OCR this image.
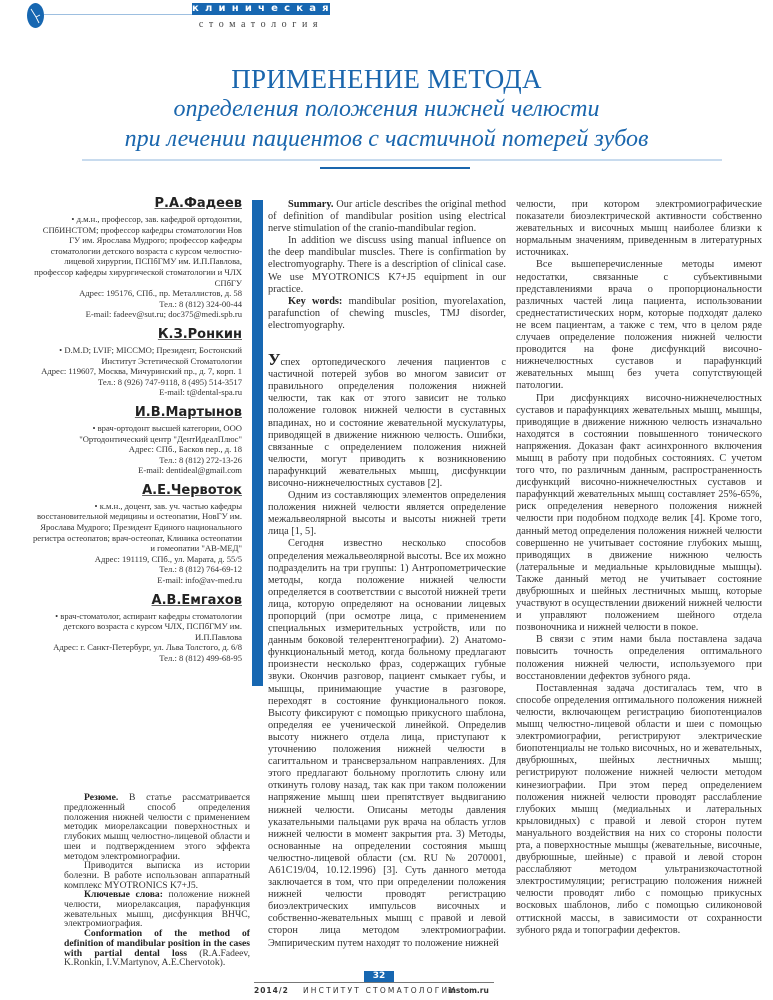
клиническая
стоматология
ПРИМЕНЕНИЕ МЕТОДА
определения положения нижней челюсти
при лечении пациентов с частичной потерей зубов
Р.А.Фадеев
• д.м.н., профессор, зав. кафедрой ортодонтии, СПбИНСТОМ; профессор кафедры стоматологии Нов ГУ им. Ярослава Мудрого; профессор кафедры стоматологии детского возраста с курсом челюстно-лицевой хирургии, ПСПбГМУ им. И.П.Павлова, профессор кафедры хирургической стоматологии и ЧЛХ СПбГУ
Адрес: 195176, СПб., пр. Металлистов, д. 58
Тел.: 8 (812) 324-00-44
E-mail: fadeev@sut.ru; doc375@medi.spb.ru
К.З.Ронкин
• D.M.D; LVIF; MICCMO; Президент, Бостонский Институт Эстетической Стоматологии
Адрес: 119607, Москва, Мичуринский пр., д. 7, корп. 1
Тел.: 8 (926) 747-9118, 8 (495) 514-3517
E-mail: t@dental-spa.ru
И.В.Мартынов
• врач-ортодонт высшей категории, ООО "Ортодонтический центр "ДентИдеалПлюс"
Адрес: СПб., Басков пер., д. 18
Тел.: 8 (812) 272-13-26
E-mail: dentideal@gmail.com
А.Е.Червоток
• к.м.н., доцент, зав. уч. частью кафедры восстановительной медицины и остеопатии, НовГУ им. Ярослава Мудрого; Президент Единого национального регистра остеопатов; врач-остеопат, Клиника остеопатии и гомеопатии "АВ-МЕД"
Адрес: 191119, СПб., ул. Марата, д. 55/5
Тел.: 8 (812) 764-69-12
E-mail: info@av-med.ru
А.В.Емгахов
• врач-стоматолог, аспирант кафедры стоматологии детского возраста с курсом ЧЛХ, ПСПбГМУ им. И.П.Павлова
Адрес: г. Санкт-Петербург, ул. Льва Толстого, д. 6/8
Тел.: 8 (812) 499-68-95

Резюме. В статье рассматривается предложенный способ определения положения нижней челюсти с применением методик миорелаксации поверхностных и глубоких мышц челюстно-лицевой области и шеи и подтверждением этого эффекта методом электромиографии.

Приводится выписка из истории болезни. В работе использован аппаратный комплекс MYOTRONICS K7+J5.

Ключевые слова: положение нижней челюсти, миорелаксация, парафункция жевательных мышц, дисфункция ВНЧС, электромиография.

Conformation of the method of definition of mandibular position in the cases with partial dental loss (R.A.Fadeev, K.Ronkin, I.V.Martynov, A.E.Chervotok).

Summary. Our article describes the original method of definition of mandibular position using electrical nerve stimulation of the cranio-mandibular region.

In addition we discuss using manual influence on the deep mandibular muscles. There is confirmation by electromyography. There is a description of clinical case. We use MYOTRONICS K7+J5 equipment in our practice.

Key words: mandibular position, myorelaxation, parafunction of chewing muscles, TMJ disorder, electromyography.

Успех ортопедического лечения пациентов с частичной потерей зубов во многом зависит от правильного определения положения нижней челюсти, так как от этого зависит не только положение головок нижней челюсти в суставных впадинах, но и состояние жевательной мускулатуры, приводящей в движение нижнюю челюсть. Ошибки, связанные с определением положения нижней челюсти, могут приводить к возникновению парафункций жевательных мышц, дисфункции височно-нижнечелюстных суставов [2].

Одним из составляющих элементов определения положения нижней челюсти является определение межальвеолярной высоты и высоты нижней трети лица [1, 5].

Сегодня известно несколько способов определения межальвеолярной высоты. Все их можно подразделить на три группы: 1) Антропометрические методы, когда положение нижней челюсти определяется в соответствии с высотой нижней трети лица, которую определяют на основании лицевых пропорций (при осмотре лица, с применением специальных измерительных устройств, или по данным боковой телерентгенографии). 2) Анатомо-функциональный метод, когда больному предлагают произнести несколько фраз, содержащих губные звуки. Окончив разговор, пациент смыкает губы, и мышцы, принимающие участие в разговоре, переходят в состояние функционального покоя. Высоту фиксируют с помощью прикусного шаблона, определяя ее ученической линейкой. Определив высоту нижнего отдела лица, приступают к уточнению положения нижней челюсти в сагиттальном и трансверзальном направлениях. Для этого предлагают больному проглотить слюну или откинуть голову назад, так как при таком положении напряжение мышц шеи препятствует выдвиганию нижней челюсти. Описаны методы давления указательными пальцами рук врача на область углов нижней челюсти в момент закрытия рта. 3) Методы, основанные на определении состояния мышц челюстно-лицевой области (см. RU № 2070001, A61C19/04, 10.12.1996) [3]. Суть данного метода заключается в том, что при определении положения нижней челюсти проводят регистрацию биоэлектрических импульсов височных и собственно-жевательных мышц с правой и левой сторон лица методом электромиографии. Эмпирическим путем находят то положение нижней

челюсти, при котором электромиографические показатели биоэлектрической активности собственно жевательных и височных мышц наиболее близки к нормальным значениям, приведенным в литературных источниках.

Все вышеперечисленные методы имеют недостатки, связанные с субъективными представлениями врача о пропорциональности различных частей лица пациента, использовании среднестатистических норм, которые подходят далеко не всем пациентам, а также с тем, что в целом ряде случаев определение положения нижней челюсти проводится на фоне дисфункций височно-нижнечелюстных суставов и парафункций жевательных мышц без учета сопутствующей патологии.

При дисфункциях височно-нижнечелюстных суставов и парафункциях жевательных мышц, мышцы, приводящие в движение нижнюю челюсть изначально находятся в состоянии повышенного тонического напряжения. Доказан факт асинхронного включения мышц в работу при подобных состояниях. С учетом того что, по различным данным, распространенность дисфункций височно-нижнечелюстных суставов и парафункций жевательных мышц составляет 25%-65%, риск определения неверного положения нижней челюсти при подобном подходе велик [4]. Кроме того, данный метод определения положения нижней челюсти совершенно не учитывает состояние глубоких мышц, приводящих в движение нижнюю челюсть (латеральные и медиальные крыловидные мышцы). Также данный метод не учитывает состояние двубрюшных и шейных лестничных мышц, которые участвуют в осуществлении движений нижней челюсти и управляют положением шейного отдела позвоночника и нижней челюсти в покое.

В связи с этим нами была поставлена задача повысить точность определения оптимального положения нижней челюсти, используемого при восстановлении дефектов зубного ряда.

Поставленная задача достигалась тем, что в способе определения оптимального положения нижней челюсти, включающем регистрацию биопотенциалов мышц челюстно-лицевой области и шеи с помощью электромиографии, регистрируют электрические биопотенциалы не только височных, но и жевательных, двубрюшных, шейных лестничных мышц; регистрируют положение нижней челюсти методом кинезиографии. При этом перед определением положения нижней челюсти проводят расслабление глубоких мышц (медиальных и латеральных крыловидных) с правой и левой сторон путем мануального воздействия на них со стороны полости рта, а поверхностные мышцы (жевательные, височные, двубрюшные, шейные) с правой и левой сторон расслабляют методом ультранизкочастотной электростимуляции; регистрацию положения нижней челюсти проводят либо с помощью прикусных восковых шаблонов, либо с помощью силиконовой оттискной массы, в зависимости от сохранности зубного ряда и топографии дефектов.

32
2014/2 ИНСТИТУТ СТОМАТОЛОГИИ
instom.ru
